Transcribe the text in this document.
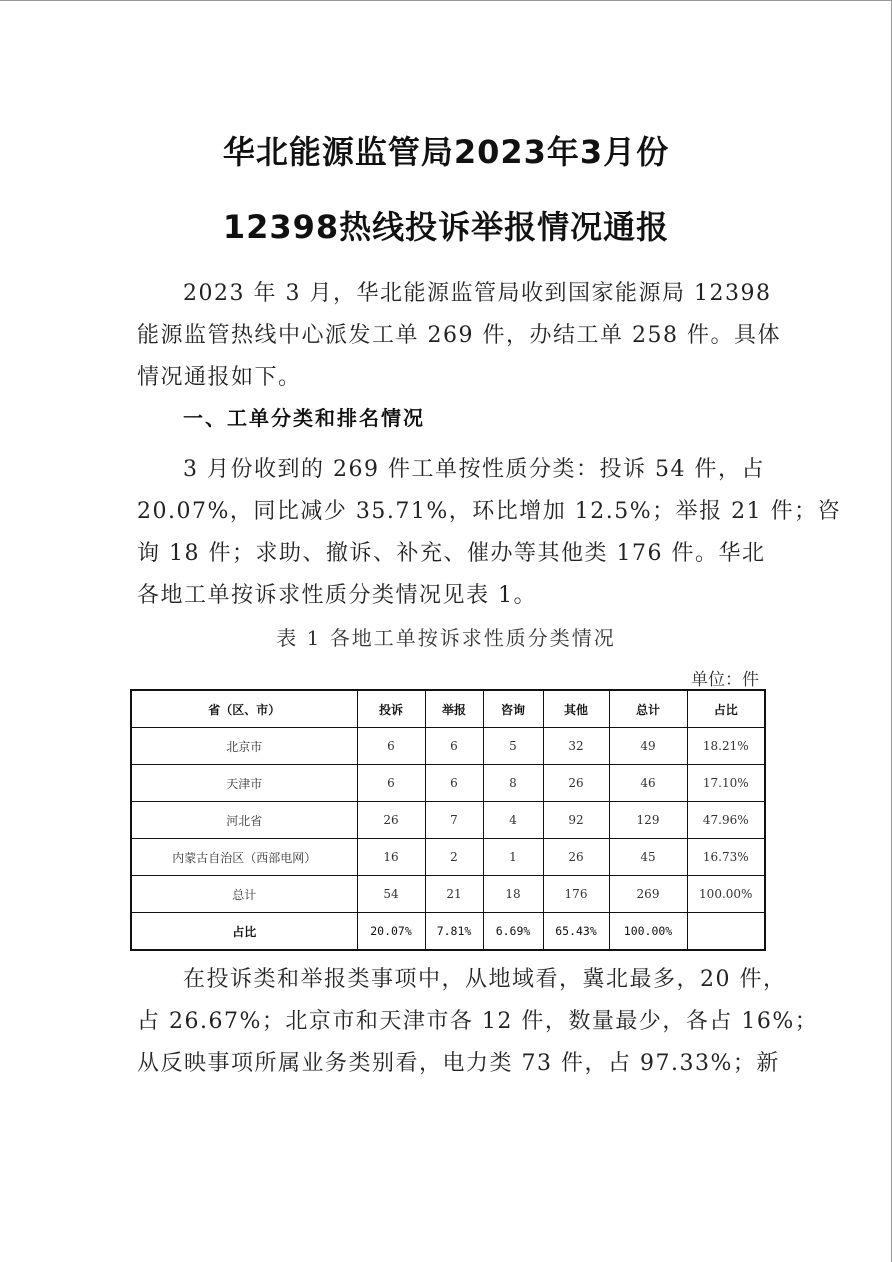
华北能源监管局2023年3月份
12398热线投诉举报情况通报
2023 年 3 月，华北能源监管局收到国家能源局 12398
能源监管热线中心派发工单 269 件，办结工单 258 件。具体
情况通报如下。
一、工单分类和排名情况
3 月份收到的 269 件工单按性质分类：投诉 54 件，占
20.07%，同比减少 35.71%，环比增加 12.5%；举报 21 件；咨
询 18 件；求助、撤诉、补充、催办等其他类 176 件。华北
各地工单按诉求性质分类情况见表 1。
表 1 各地工单按诉求性质分类情况
单位：件
省（区、市）	投诉	举报	咨询	其他	总计	占比
北京市	6	6	5	32	49	18.21%
天津市	6	6	8	26	46	17.10%
河北省	26	7	4	92	129	47.96%
内蒙古自治区（西部电网）	16	2	1	26	45	16.73%
总计	54	21	18	176	269	100.00%
占比	20.07%	7.81%	6.69%	65.43%	100.00%	
在投诉类和举报类事项中，从地域看，冀北最多，20 件，
占 26.67%；北京市和天津市各 12 件，数量最少，各占 16%；
从反映事项所属业务类别看，电力类 73 件，占 97.33%；新
